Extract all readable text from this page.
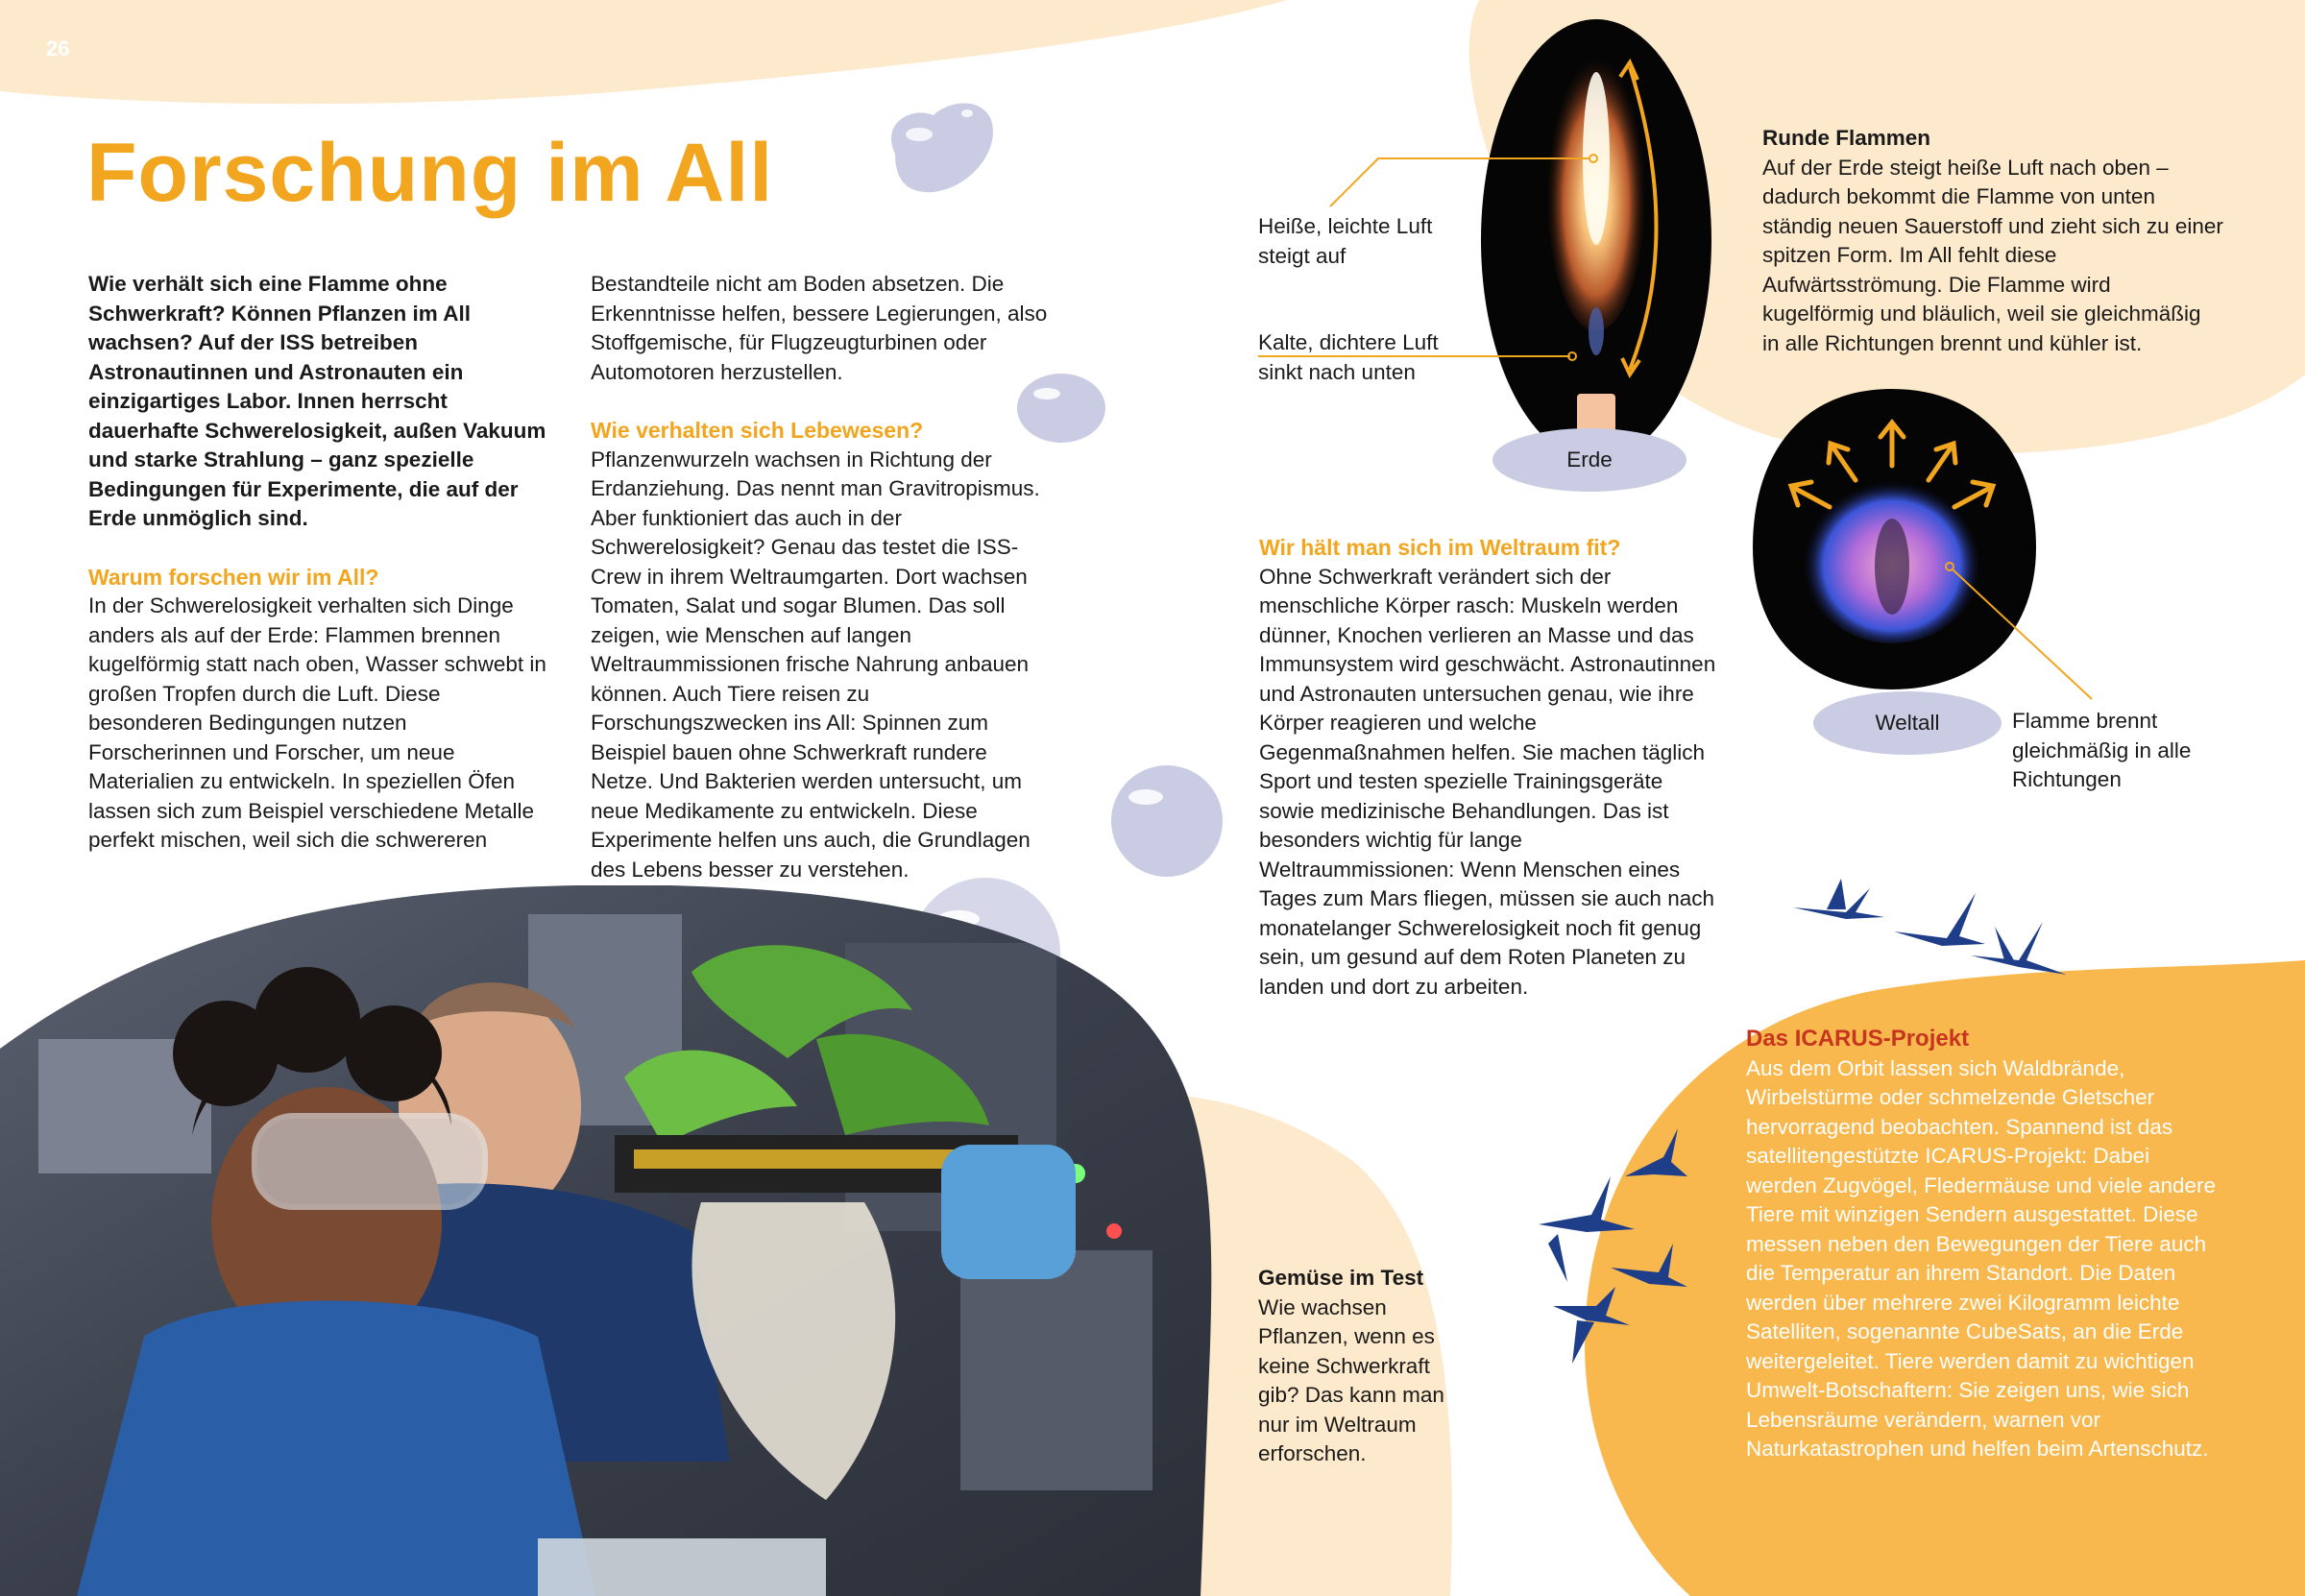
26
Forschung im All

Wie verhält sich eine Flamme ohne Schwerkraft? Können Pflanzen im All wachsen? Auf der ISS betreiben Astronautinnen und Astronauten ein einzigartiges Labor. Innen herrscht dauerhafte Schwerelosigkeit, außen Vakuum und starke Strahlung – ganz spezielle Bedingungen für Experimente, die auf der Erde unmöglich sind.

Warum forschen wir im All?

In der Schwerelosigkeit verhalten sich Dinge anders als auf der Erde: Flammen brennen kugelförmig statt nach oben, Wasser schwebt in großen Tropfen durch die Luft. Diese besonderen Bedingungen nutzen Forscherinnen und Forscher, um neue Materialien zu entwickeln. In speziellen Öfen lassen sich zum Beispiel verschiedene Metalle perfekt mischen, weil sich die schwereren

Bestandteile nicht am Boden absetzen. Die Erkenntnisse helfen, bessere Legierungen, also Stoffgemische, für Flugzeugturbinen oder Automotoren herzustellen.

Wie verhalten sich Lebewesen?

Pflanzenwurzeln wachsen in Richtung der Erdanziehung. Das nennt man Gravitropismus. Aber funktioniert das auch in der Schwerelosigkeit? Genau das testet die ISS-Crew in ihrem Weltraumgarten. Dort wachsen Tomaten, Salat und sogar Blumen. Das soll zeigen, wie Menschen auf langen Weltraummissionen frische Nahrung anbauen können. Auch Tiere reisen zu Forschungszwecken ins All: Spinnen zum Beispiel bauen ohne Schwerkraft rundere Netze. Und Bakterien werden untersucht, um neue Medikamente zu entwickeln. Diese Experimente helfen uns auch, die Grundlagen des Lebens besser zu verstehen.

Wir hält man sich im Weltraum fit?

Ohne Schwerkraft verändert sich der menschliche Körper rasch: Muskeln werden dünner, Knochen verlieren an Masse und das Immunsystem wird geschwächt. Astronautinnen und Astronauten untersuchen genau, wie ihre Körper reagieren und welche Gegenmaßnahmen helfen. Sie machen täglich Sport und testen spezielle Trainingsgeräte sowie medizinische Behandlungen. Das ist besonders wichtig für lange Weltraummissionen: Wenn Menschen eines Tages zum Mars fliegen, müssen sie auch nach monatelanger Schwerelosigkeit noch fit genug sein, um gesund auf dem Roten Planeten zu landen und dort zu arbeiten.

Heiße, leichte Luft steigt auf
Kalte, dichtere Luft sinkt nach unten
Erde

Runde Flammen

Auf der Erde steigt heiße Luft nach oben – dadurch bekommt die Flamme von unten ständig neuen Sauerstoff und zieht sich zu einer spitzen Form. Im All fehlt diese Aufwärtsströmung. Die Flamme wird kugelförmig und bläulich, weil sie gleichmäßig in alle Richtungen brennt und kühler ist.

Weltall	Flamme brennt gleichmäßig in alle Richtungen

Das ICARUS-Projekt

Aus dem Orbit lassen sich Waldbrände, Wirbelstürme oder schmelzende Gletscher hervorragend beobachten. Spannend ist das satellitengestützte ICARUS-Projekt: Dabei werden Zugvögel, Fledermäuse und viele andere Tiere mit winzigen Sendern ausgestattet. Diese messen neben den Bewegungen der Tiere auch die Temperatur an ihrem Standort. Die Daten werden über mehrere zwei Kilogramm leichte Satelliten, sogenannte CubeSats, an die Erde weitergeleitet. Tiere werden damit zu wichtigen Umwelt-Botschaftern: Sie zeigen uns, wie sich Lebensräume verändern, warnen vor Naturkatastrophen und helfen beim Artenschutz.

Gemüse im Test

Wie wachsen Pflanzen, wenn es keine Schwerkraft gib? Das kann man nur im Weltraum erforschen.
